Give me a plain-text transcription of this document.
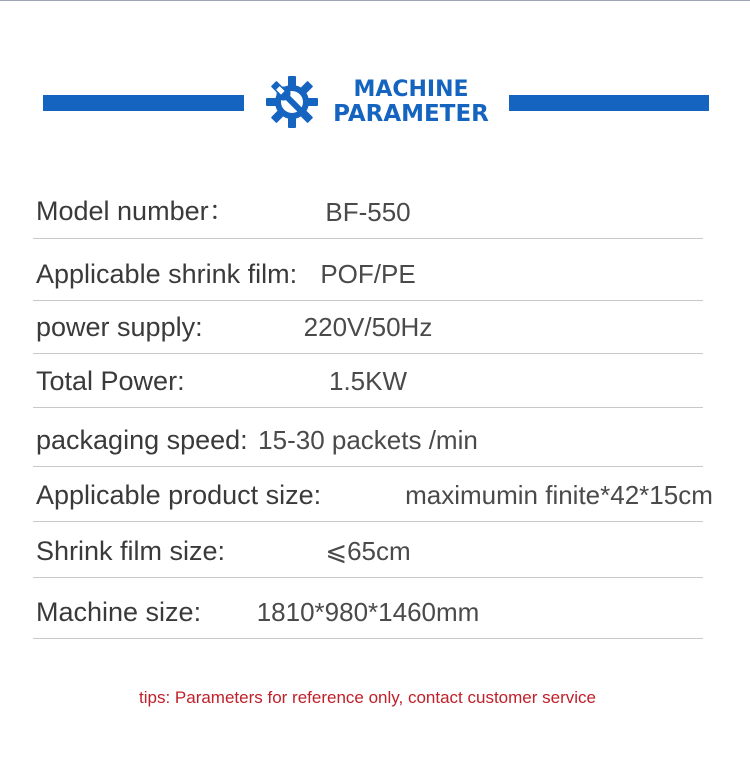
MACHINE
PARAMETER
Model number：	BF-550
Applicable shrink film: POF/PE
power supply:	220V/50Hz
Total Power:	1.5KW
packaging speed: 15-30 packets /min
Applicable product size:	maximumin finite*42*15cm
Shrink film size:	⩽65cm
Machine size:	1810*980*1460mm
tips: Parameters for reference only, contact customer service
